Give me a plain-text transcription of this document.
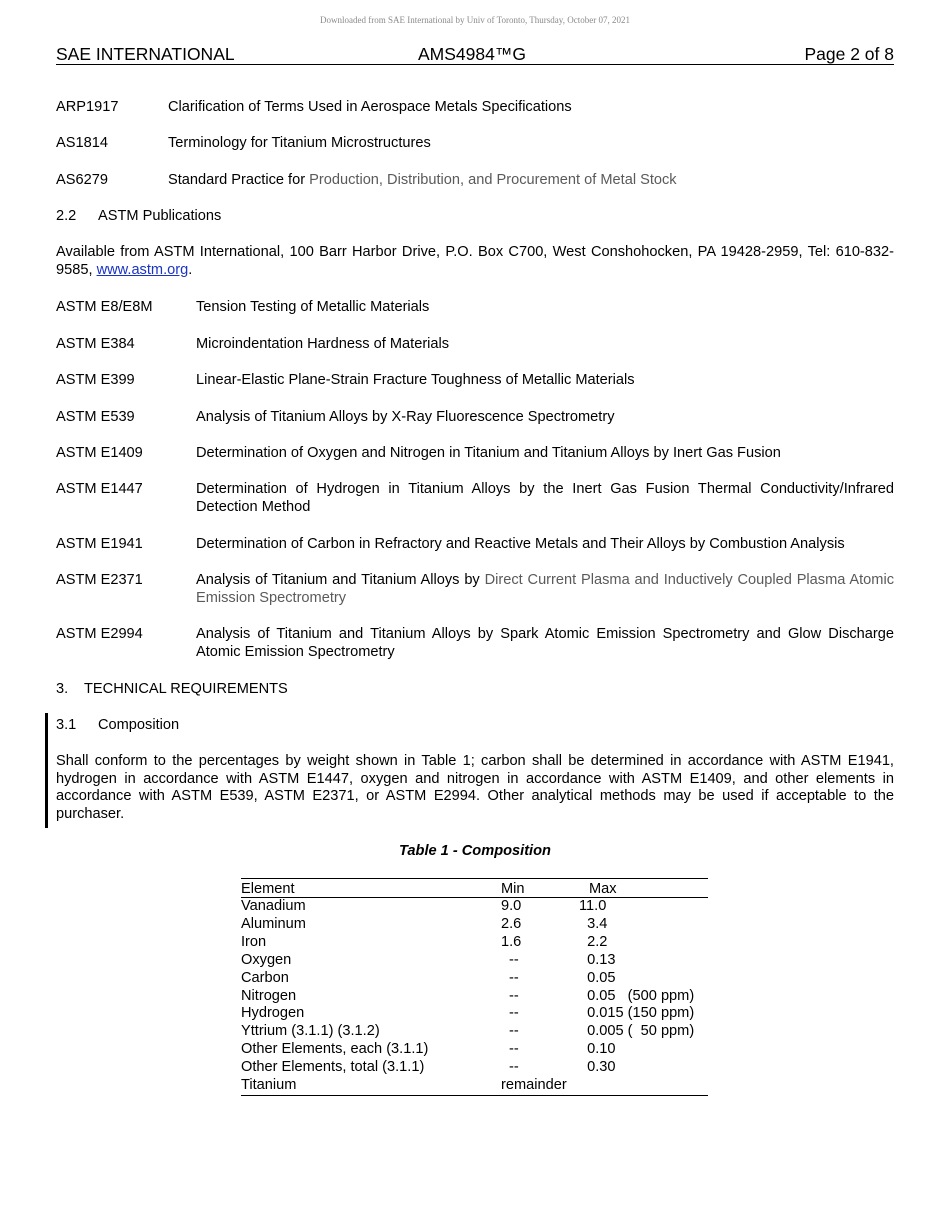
Downloaded from SAE International by Univ of Toronto, Thursday, October 07, 2021
SAE INTERNATIONAL	AMS4984™G	Page 2 of 8
ARP1917	Clarification of Terms Used in Aerospace Metals Specifications
AS1814	Terminology for Titanium Microstructures
AS6279	Standard Practice for Production, Distribution, and Procurement of Metal Stock
2.2 ASTM Publications
Available from ASTM International, 100 Barr Harbor Drive, P.O. Box C700, West Conshohocken, PA 19428-2959, Tel: 610-832-9585, www.astm.org.
ASTM E8/E8M	Tension Testing of Metallic Materials
ASTM E384	Microindentation Hardness of Materials
ASTM E399	Linear-Elastic Plane-Strain Fracture Toughness of Metallic Materials
ASTM E539	Analysis of Titanium Alloys by X-Ray Fluorescence Spectrometry
ASTM E1409	Determination of Oxygen and Nitrogen in Titanium and Titanium Alloys by Inert Gas Fusion
ASTM E1447	Determination of Hydrogen in Titanium Alloys by the Inert Gas Fusion Thermal Conductivity/Infrared Detection Method
ASTM E1941	Determination of Carbon in Refractory and Reactive Metals and Their Alloys by Combustion Analysis
ASTM E2371	Analysis of Titanium and Titanium Alloys by Direct Current Plasma and Inductively Coupled Plasma Atomic Emission Spectrometry
ASTM E2994	Analysis of Titanium and Titanium Alloys by Spark Atomic Emission Spectrometry and Glow Discharge Atomic Emission Spectrometry
3. TECHNICAL REQUIREMENTS
3.1 Composition
Shall conform to the percentages by weight shown in Table 1; carbon shall be determined in accordance with ASTM E1941, hydrogen in accordance with ASTM E1447, oxygen and nitrogen in accordance with ASTM E1409, and other elements in accordance with ASTM E539, ASTM E2371, or ASTM E2994. Other analytical methods may be used if acceptable to the purchaser.
Table 1 - Composition
Element	Min	Max
Vanadium	9.0	11.0
Aluminum	2.6	3.4
Iron	1.6	2.2
Oxygen	--	0.13
Carbon	--	0.05
Nitrogen	--	0.05   (500 ppm)
Hydrogen	--	0.015 (150 ppm)
Yttrium (3.1.1) (3.1.2)	--	0.005 (  50 ppm)
Other Elements, each (3.1.1)	--	0.10
Other Elements, total (3.1.1)	--	0.30
Titanium	remainder	
